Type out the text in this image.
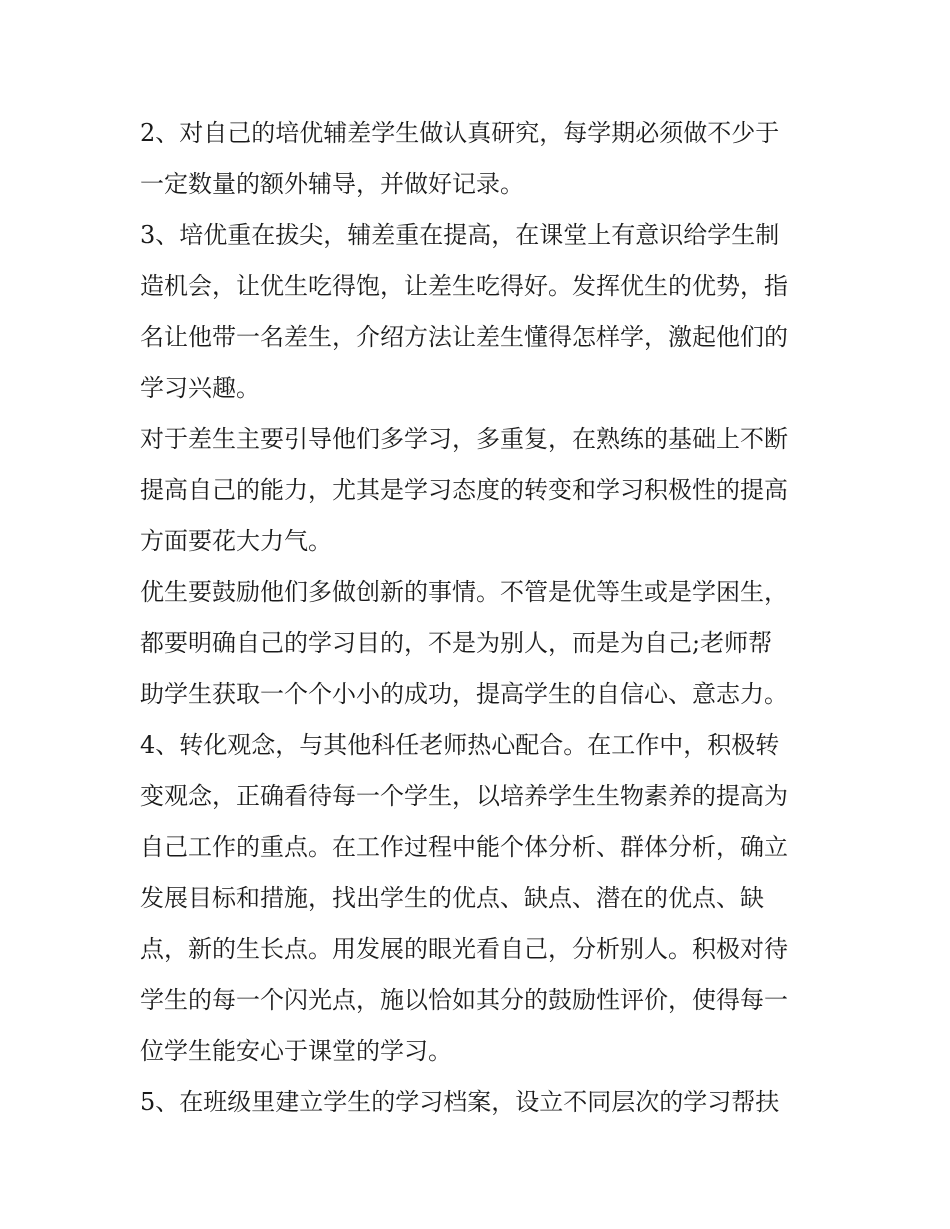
2、对自己的培优辅差学生做认真研究，每学期必须做不少于
一定数量的额外辅导，并做好记录。
3、培优重在拔尖，辅差重在提高，在课堂上有意识给学生制
造机会，让优生吃得饱，让差生吃得好。发挥优生的优势，指
名让他带一名差生，介绍方法让差生懂得怎样学，激起他们的
学习兴趣。
对于差生主要引导他们多学习，多重复，在熟练的基础上不断
提高自己的能力，尤其是学习态度的转变和学习积极性的提高
方面要花大力气。
优生要鼓励他们多做创新的事情。不管是优等生或是学困生，
都要明确自己的学习目的，不是为别人，而是为自己;老师帮
助学生获取一个个小小的成功，提高学生的自信心、意志力。
4、转化观念，与其他科任老师热心配合。在工作中，积极转
变观念，正确看待每一个学生，以培养学生生物素养的提高为
自己工作的重点。在工作过程中能个体分析、群体分析，确立
发展目标和措施，找出学生的优点、缺点、潜在的优点、缺
点，新的生长点。用发展的眼光看自己，分析别人。积极对待
学生的每一个闪光点，施以恰如其分的鼓励性评价，使得每一
位学生能安心于课堂的学习。
5、在班级里建立学生的学习档案，设立不同层次的学习帮扶
